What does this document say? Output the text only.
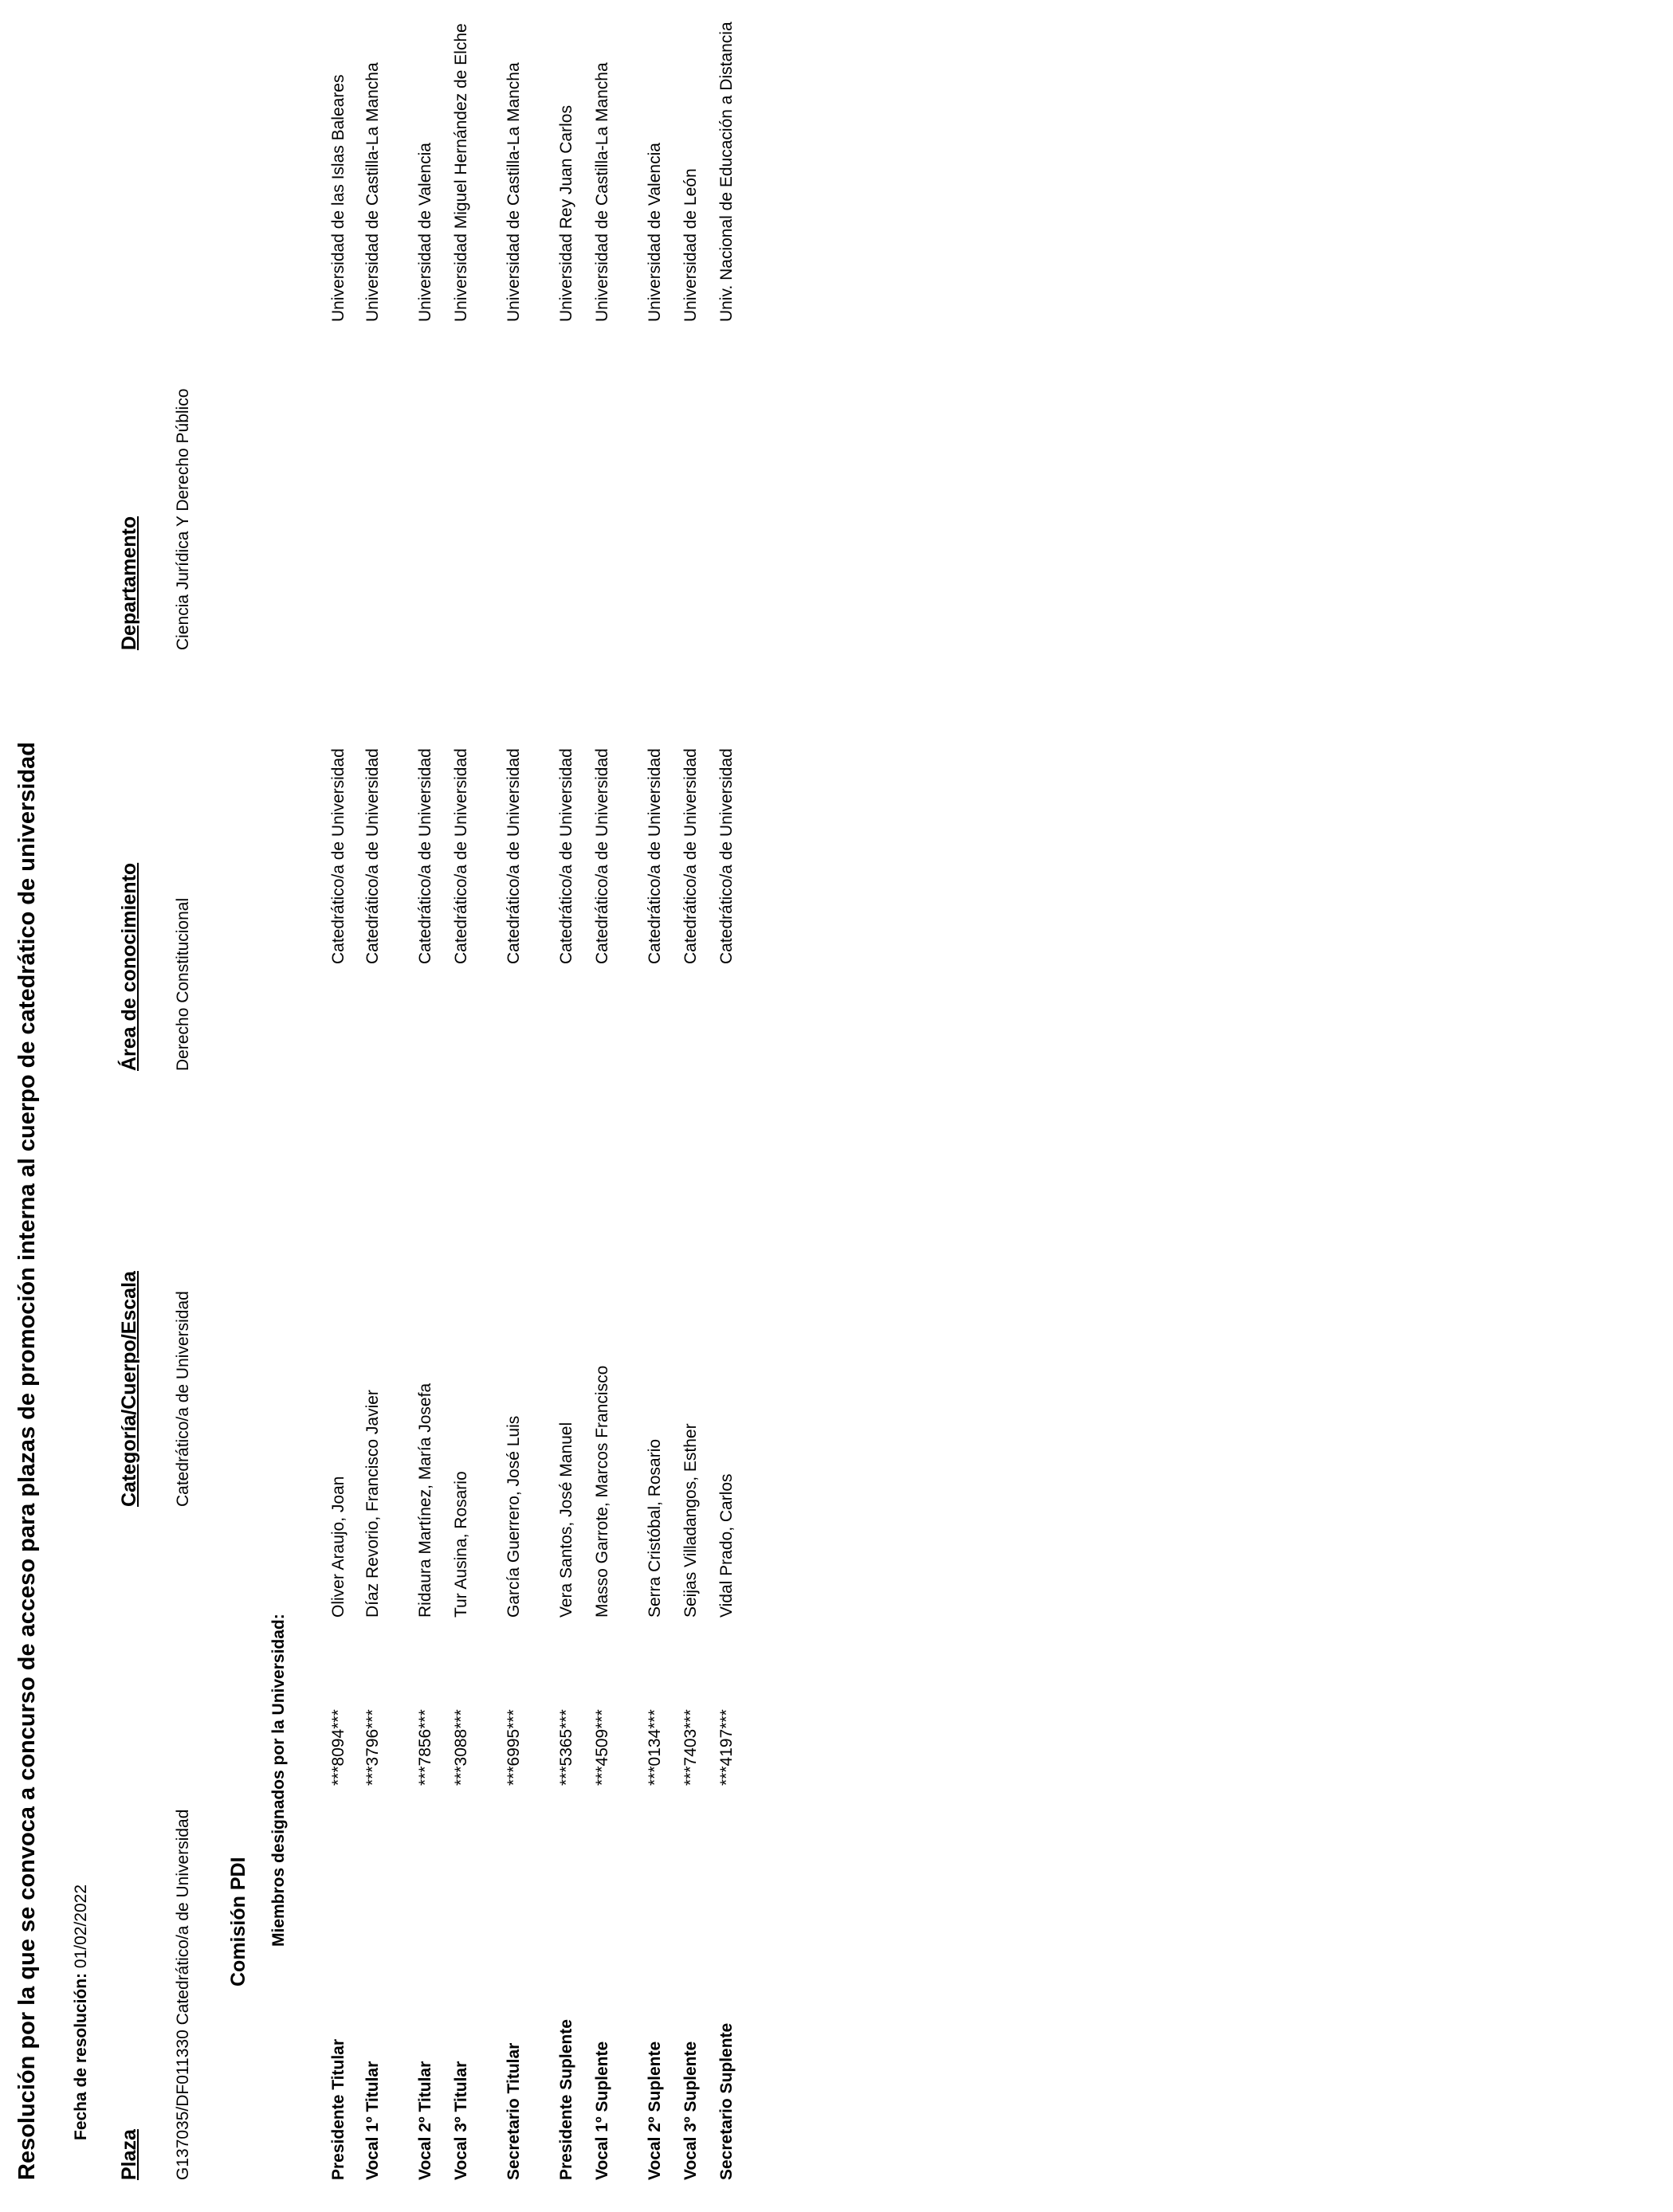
Resolución por la que se convoca a concurso de acceso para plazas de promoción interna al cuerpo de catedrático de universidad Fecha de resolución: 01/02/2022
Plaza
Categoría/Cuerpo/Escala
Área de conocimiento
Departamento
G137035/DF011330 Catedrático/a de Universidad
Catedrático/a de Universidad
Derecho Constitucional
Ciencia Jurídica Y Derecho Público
Comisión PDI Miembros designados por la Universidad:
Presidente Titular
***8094***
Oliver Araujo, Joan
Catedrático/a de Universidad
Universidad de las Islas Baleares
Vocal 1º Titular
***3796***
Díaz Revorio, Francisco Javier
Catedrático/a de Universidad
Universidad de Castilla-La Mancha
Vocal 2º Titular
***7856***
Ridaura Martínez, María Josefa
Catedrático/a de Universidad
Universidad de Valencia
Vocal 3º Titular
***3088***
Tur Ausina, Rosario
Catedrático/a de Universidad
Universidad Miguel Hernández de Elche
Secretario Titular
***6995***
García Guerrero, José Luis
Catedrático/a de Universidad
Universidad de Castilla-La Mancha
Presidente Suplente
***5365***
Vera Santos, José Manuel
Catedrático/a de Universidad
Universidad Rey Juan Carlos
Vocal 1º Suplente
***4509***
Masso Garrote, Marcos Francisco
Catedrático/a de Universidad
Universidad de Castilla-La Mancha
Vocal 2º Suplente
***0134***
Serra Cristóbal, Rosario
Catedrático/a de Universidad
Universidad de Valencia
Vocal 3º Suplente
***7403***
Seijas Villadangos, Esther
Catedrático/a de Universidad
Universidad de León
Secretario Suplente
***4197***
Vidal Prado, Carlos
Catedrático/a de Universidad
Univ. Nacional de Educación a Distancia
